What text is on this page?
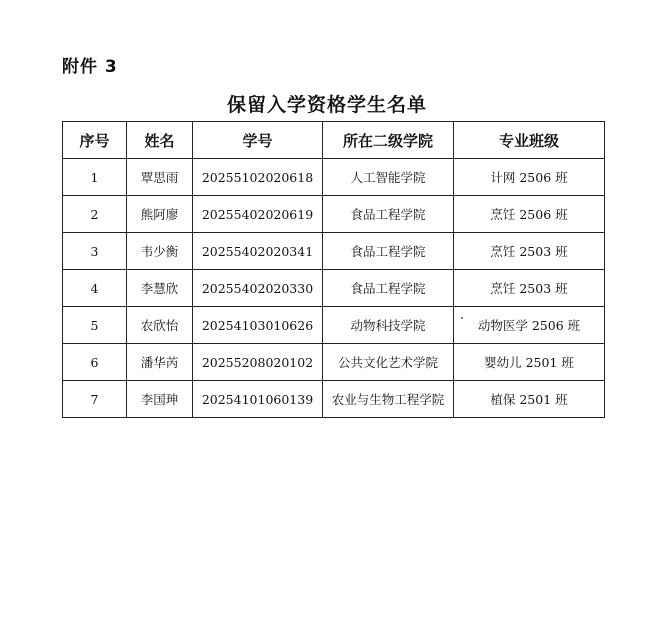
附件 3
保留入学资格学生名单
序号	姓名	学号	所在二级学院	专业班级
1	覃思雨	20255102020618	人工智能学院	计网 2506 班
2	熊阿廖	20255402020619	食品工程学院	烹饪 2506 班
3	韦少衡	20255402020341	食品工程学院	烹饪 2503 班
4	李慧欣	20255402020330	食品工程学院	烹饪 2503 班
5	农欣怡	20254103010626	动物科技学院	动物医学 2506 班
6	潘华芮	20255208020102	公共文化艺术学院	婴幼儿 2501 班
7	李国珅	20254101060139	农业与生物工程学院	植保 2501 班
